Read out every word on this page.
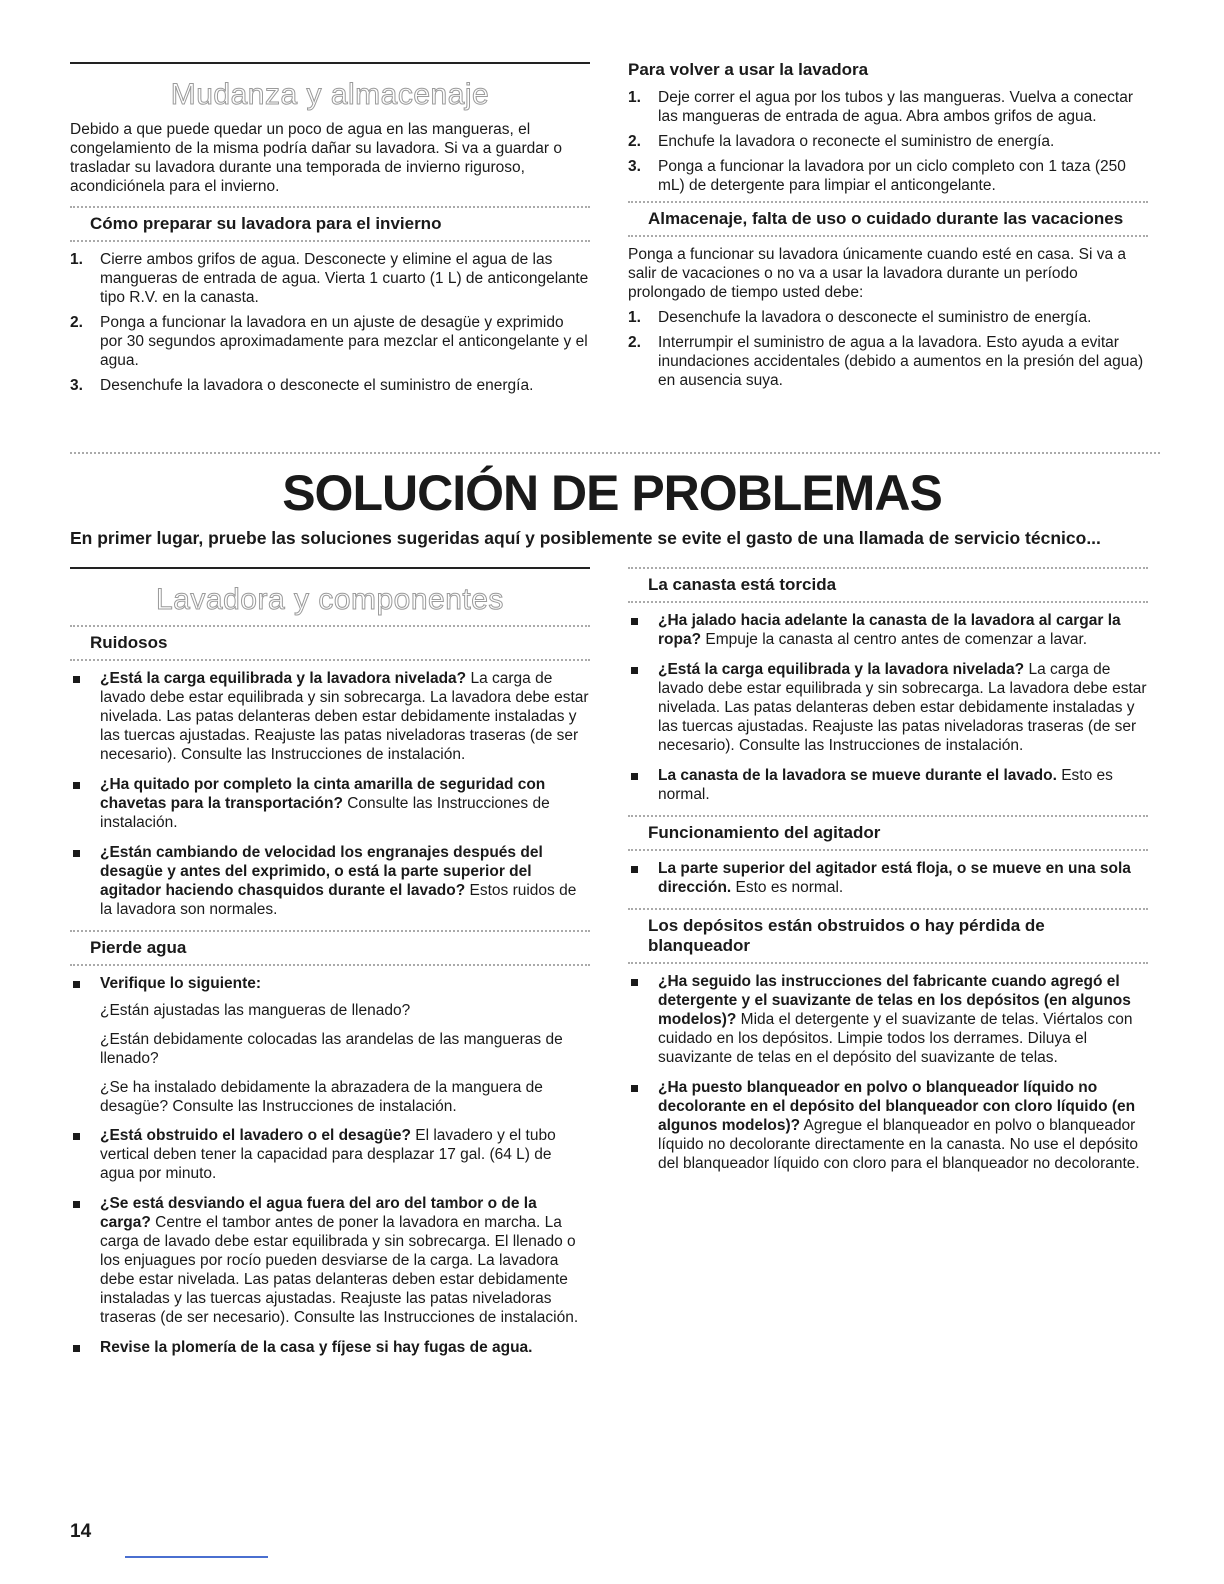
Mudanza y almacenaje

Debido a que puede quedar un poco de agua en las mangueras, el congelamiento de la misma podría dañar su lavadora. Si va a guardar o trasladar su lavadora durante una temporada de invierno riguroso, acondiciónela para el invierno.

Cómo preparar su lavadora para el invierno
1. Cierre ambos grifos de agua. Desconecte y elimine el agua de las mangueras de entrada de agua. Vierta 1 cuarto (1 L) de anticongelante tipo R.V. en la canasta.
2. Ponga a funcionar la lavadora en un ajuste de desagüe y exprimido por 30 segundos aproximadamente para mezclar el anticongelante y el agua.
3. Desenchufe la lavadora o desconecte el suministro de energía.
Para volver a usar la lavadora
1. Deje correr el agua por los tubos y las mangueras. Vuelva a conectar las mangueras de entrada de agua. Abra ambos grifos de agua.
2. Enchufe la lavadora o reconecte el suministro de energía.
3. Ponga a funcionar la lavadora por un ciclo completo con 1 taza (250 mL) de detergente para limpiar el anticongelante.
Almacenaje, falta de uso o cuidado durante las vacaciones

Ponga a funcionar su lavadora únicamente cuando esté en casa. Si va a salir de vacaciones o no va a usar la lavadora durante un período prolongado de tiempo usted debe:

1. Desenchufe la lavadora o desconecte el suministro de energía.
2. Interrumpir el suministro de agua a la lavadora. Esto ayuda a evitar inundaciones accidentales (debido a aumentos en la presión del agua) en ausencia suya.
SOLUCIÓN DE PROBLEMAS
En primer lugar, pruebe las soluciones sugeridas aquí y posiblemente se evite el gasto de una llamada de servicio técnico...
Lavadora y componentes
Ruidosos
¿Está la carga equilibrada y la lavadora nivelada? La carga de lavado debe estar equilibrada y sin sobrecarga. La lavadora debe estar nivelada. Las patas delanteras deben estar debidamente instaladas y las tuercas ajustadas. Reajuste las patas niveladoras traseras (de ser necesario). Consulte las Instrucciones de instalación.
¿Ha quitado por completo la cinta amarilla de seguridad con chavetas para la transportación? Consulte las Instrucciones de instalación.
¿Están cambiando de velocidad los engranajes después del desagüe y antes del exprimido, o está la parte superior del agitador haciendo chasquidos durante el lavado? Estos ruidos de la lavadora son normales.
Pierde agua
Verifique lo siguiente:

¿Están ajustadas las mangueras de llenado?

¿Están debidamente colocadas las arandelas de las mangueras de llenado?

¿Se ha instalado debidamente la abrazadera de la manguera de desagüe? Consulte las Instrucciones de instalación.

¿Está obstruido el lavadero o el desagüe? El lavadero y el tubo vertical deben tener la capacidad para desplazar 17 gal. (64 L) de agua por minuto.
¿Se está desviando el agua fuera del aro del tambor o de la carga? Centre el tambor antes de poner la lavadora en marcha. La carga de lavado debe estar equilibrada y sin sobrecarga. El llenado o los enjuagues por rocío pueden desviarse de la carga. La lavadora debe estar nivelada. Las patas delanteras deben estar debidamente instaladas y las tuercas ajustadas. Reajuste las patas niveladoras traseras (de ser necesario). Consulte las Instrucciones de instalación.
Revise la plomería de la casa y fíjese si hay fugas de agua.
La canasta está torcida
¿Ha jalado hacia adelante la canasta de la lavadora al cargar la ropa? Empuje la canasta al centro antes de comenzar a lavar.
¿Está la carga equilibrada y la lavadora nivelada? La carga de lavado debe estar equilibrada y sin sobrecarga. La lavadora debe estar nivelada. Las patas delanteras deben estar debidamente instaladas y las tuercas ajustadas. Reajuste las patas niveladoras traseras (de ser necesario). Consulte las Instrucciones de instalación.
La canasta de la lavadora se mueve durante el lavado. Esto es normal.
Funcionamiento del agitador
La parte superior del agitador está floja, o se mueve en una sola dirección. Esto es normal.
Los depósitos están obstruidos o hay pérdida de blanqueador
¿Ha seguido las instrucciones del fabricante cuando agregó el detergente y el suavizante de telas en los depósitos (en algunos modelos)? Mida el detergente y el suavizante de telas. Viértalos con cuidado en los depósitos. Limpie todos los derrames. Diluya el suavizante de telas en el depósito del suavizante de telas.
¿Ha puesto blanqueador en polvo o blanqueador líquido no decolorante en el depósito del blanqueador con cloro líquido (en algunos modelos)? Agregue el blanqueador en polvo o blanqueador líquido no decolorante directamente en la canasta. No use el depósito del blanqueador líquido con cloro para el blanqueador no decolorante.
14
